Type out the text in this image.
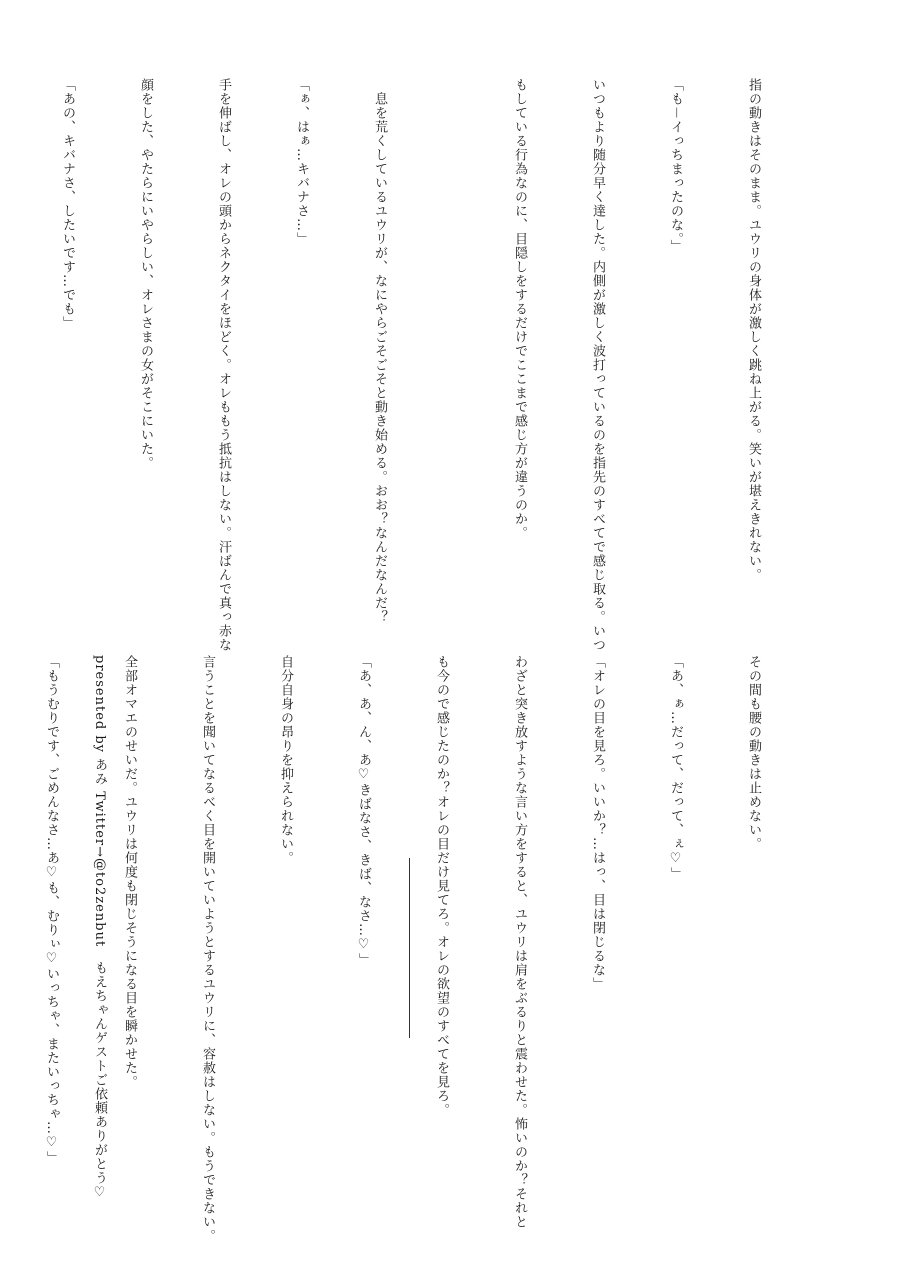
指の動きはそのまま。ユウリの身体が激しく跳ね上がる。笑いが堪えきれない。

「も－イっちまったのな。」

いつもより随分早く達した。内側が激しく波打っているのを指先のすべてで感じ取る。いつ

もしている行為なのに、目隠しをするだけでここまで感じ方が違うのか。

　息を荒くしているユウリが、なにやらごそごそと動き始める。おお？なんだなんだ？

「ぁ、はぁ…キバナさ…」

手を伸ばし、オレの頭からネクタイをほどく。オレももう抵抗はしない。汗ばんで真っ赤な

顔をした、やたらにいやらしい、オレさまの女がそこにいた。

「あの、キバナさ、したいです…でも」

その間も腰の動きは止めない。

「あ、ぁ…だって、だって、ぇ♡」

「オレの目を見ろ。いいか？…はっ、目は閉じるな」

わざと突き放すような言い方をすると、ユウリは肩をぶるりと震わせた。怖いのか？それと

も今ので感じたのか？オレの目だけ見てろ。オレの欲望のすべてを見ろ。

「あ、あ、ん、あ♡きばなさ、きば、なさ…♡」

自分自身の昂りを抑えられない。

言うことを聞いてなるべく目を開いていようとするユウリに、容赦はしない。もうできない。

全部オマエのせいだ。ユウリは何度も閉じそうになる目を瞬かせた。

「もうむりです、ごめんなさ…あ♡も、むりぃ♡いっちゃ、またいっちゃ…♡」

	presented by あみ Twitter→@to2zenbut　もえちゃんゲストご依頼ありがとう♡
